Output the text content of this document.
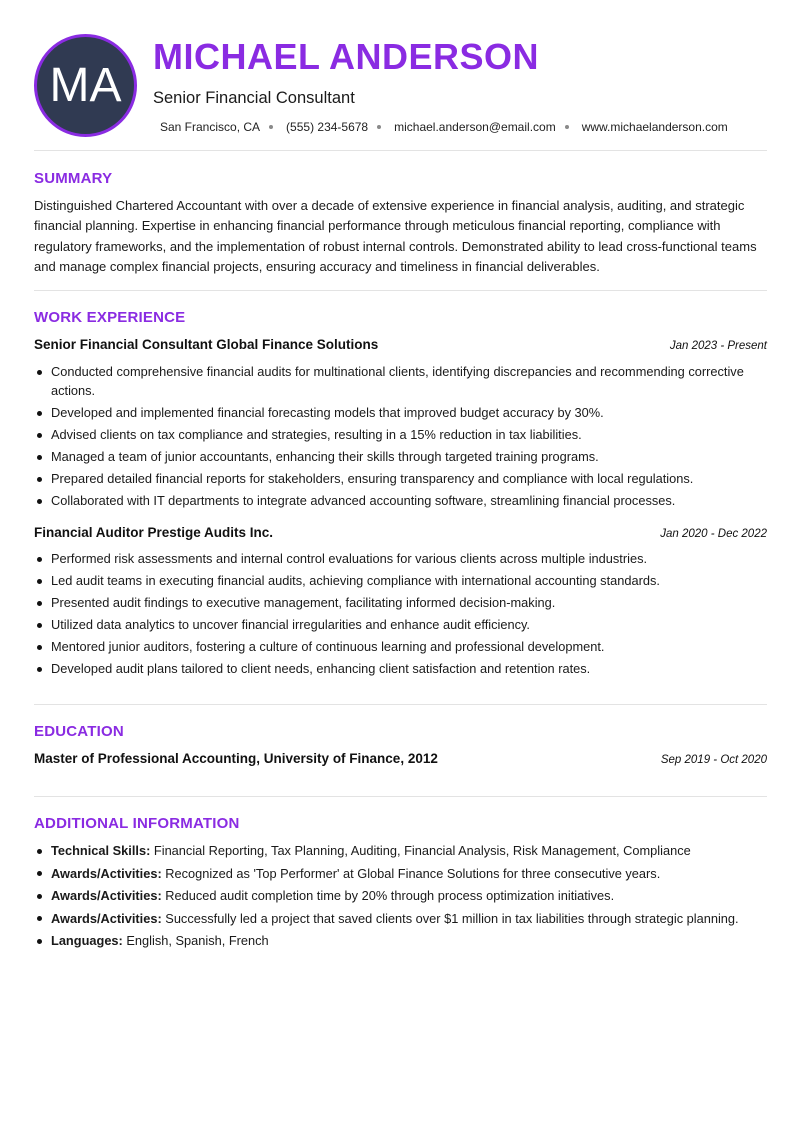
MA
MICHAEL ANDERSON
Senior Financial Consultant
San Francisco, CA (555) 234-5678 michael.anderson@email.com www.michaelanderson.com
SUMMARY
Distinguished Chartered Accountant with over a decade of extensive experience in financial analysis, auditing, and strategic financial planning. Expertise in enhancing financial performance through meticulous financial reporting, compliance with regulatory frameworks, and the implementation of robust internal controls. Demonstrated ability to lead cross-functional teams and manage complex financial projects, ensuring accuracy and timeliness in financial deliverables.
WORK EXPERIENCE
Senior Financial Consultant Global Finance Solutions	Jan 2023 - Present
Conducted comprehensive financial audits for multinational clients, identifying discrepancies and recommending corrective actions.
Developed and implemented financial forecasting models that improved budget accuracy by 30%.
Advised clients on tax compliance and strategies, resulting in a 15% reduction in tax liabilities.
Managed a team of junior accountants, enhancing their skills through targeted training programs.
Prepared detailed financial reports for stakeholders, ensuring transparency and compliance with local regulations.
Collaborated with IT departments to integrate advanced accounting software, streamlining financial processes.
Financial Auditor Prestige Audits Inc.	Jan 2020 - Dec 2022
Performed risk assessments and internal control evaluations for various clients across multiple industries.
Led audit teams in executing financial audits, achieving compliance with international accounting standards.
Presented audit findings to executive management, facilitating informed decision-making.
Utilized data analytics to uncover financial irregularities and enhance audit efficiency.
Mentored junior auditors, fostering a culture of continuous learning and professional development.
Developed audit plans tailored to client needs, enhancing client satisfaction and retention rates.
EDUCATION
Master of Professional Accounting, University of Finance, 2012	Sep 2019 - Oct 2020
ADDITIONAL INFORMATION
Technical Skills: Financial Reporting, Tax Planning, Auditing, Financial Analysis, Risk Management, Compliance
Awards/Activities: Recognized as 'Top Performer' at Global Finance Solutions for three consecutive years.
Awards/Activities: Reduced audit completion time by 20% through process optimization initiatives.
Awards/Activities: Successfully led a project that saved clients over $1 million in tax liabilities through strategic planning.
Languages: English, Spanish, French
